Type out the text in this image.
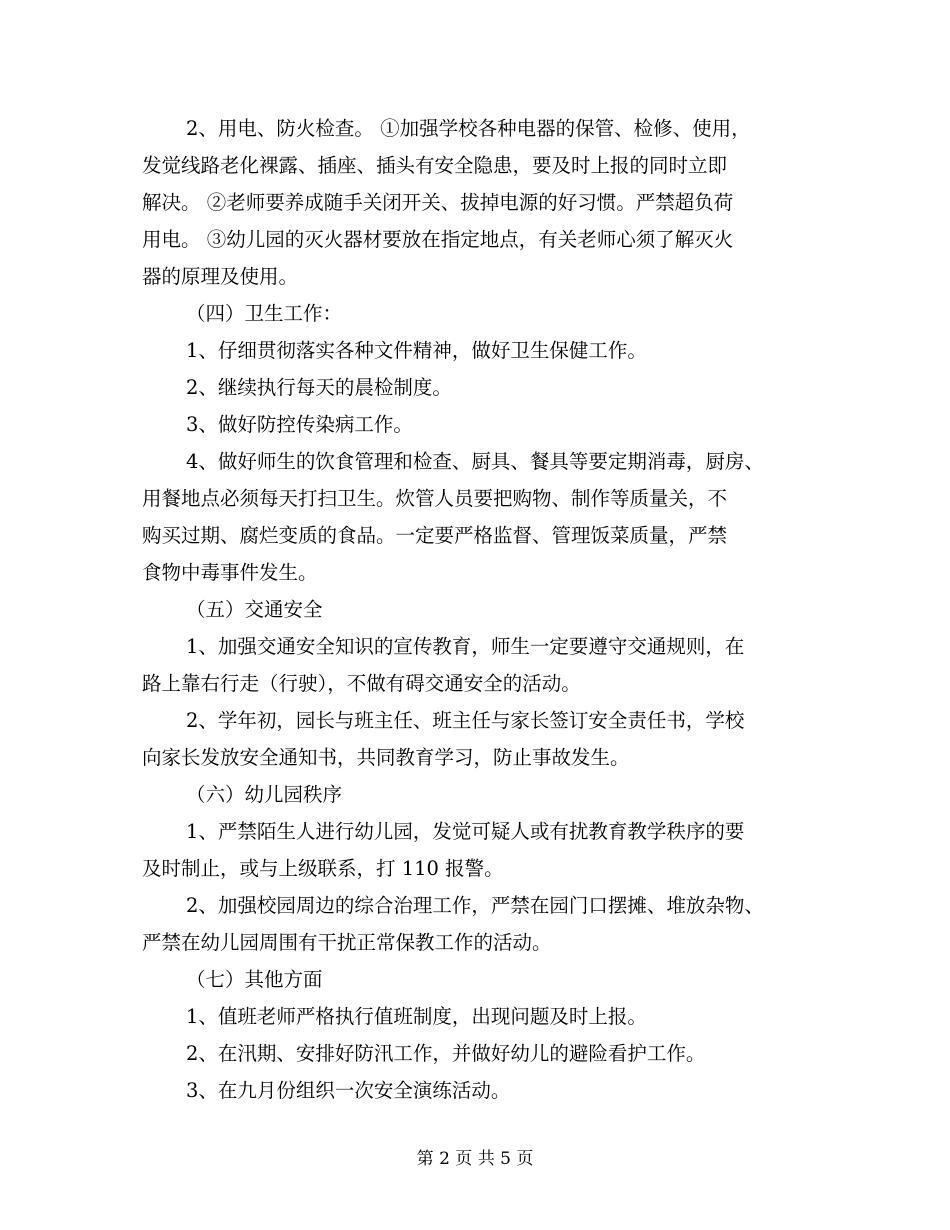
2、用电、防火检查。 ①加强学校各种电器的保管、检修、使用，

发觉线路老化裸露、插座、插头有安全隐患，要及时上报的同时立即

解决。 ②老师要养成随手关闭开关、拔掉电源的好习惯。严禁超负荷

用电。 ③幼儿园的灭火器材要放在指定地点，有关老师心须了解灭火

器的原理及使用。

（四）卫生工作：

1、仔细贯彻落实各种文件精神，做好卫生保健工作。

2、继续执行每天的晨检制度。

3、做好防控传染病工作。

4、做好师生的饮食管理和检查、厨具、餐具等要定期消毒，厨房、

用餐地点必须每天打扫卫生。炊管人员要把购物、制作等质量关，不

购买过期、腐烂变质的食品。一定要严格监督、管理饭菜质量，严禁

食物中毒事件发生。

（五）交通安全

1、加强交通安全知识的宣传教育，师生一定要遵守交通规则，在

路上靠右行走（行驶），不做有碍交通安全的活动。

2、学年初，园长与班主任、班主任与家长签订安全责任书，学校

向家长发放安全通知书，共同教育学习，防止事故发生。

（六）幼儿园秩序

1、严禁陌生人进行幼儿园，发觉可疑人或有扰教育教学秩序的要

及时制止，或与上级联系，打 110 报警。

2、加强校园周边的综合治理工作，严禁在园门口摆摊、堆放杂物、

严禁在幼儿园周围有干扰正常保教工作的活动。

（七）其他方面

1、值班老师严格执行值班制度，出现问题及时上报。

2、在汛期、安排好防汛工作，并做好幼儿的避险看护工作。

3、在九月份组织一次安全演练活动。

第 2 页 共 5 页
